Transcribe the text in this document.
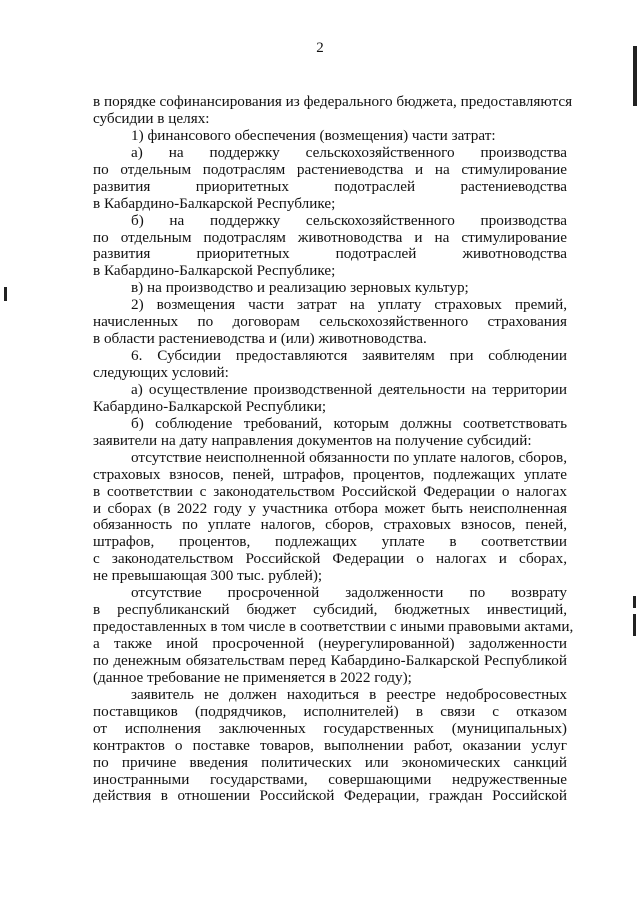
2
в порядке софинансирования из федерального бюджета, предоставляются
субсидии в целях:
1) финансового обеспечения (возмещения) части затрат:
а) на поддержку сельскохозяйственного производства
по отдельным подотраслям растениеводства и на стимулирование
развития приоритетных подотраслей растениеводства
в Кабардино-Балкарской Республике;
б) на поддержку сельскохозяйственного производства
по отдельным подотраслям животноводства и на стимулирование
развития приоритетных подотраслей животноводства
в Кабардино-Балкарской Республике;
в) на производство и реализацию зерновых культур;
2) возмещения части затрат на уплату страховых премий,
начисленных по договорам сельскохозяйственного страхования
в области растениеводства и (или) животноводства.
6. Субсидии предоставляются заявителям при соблюдении
следующих условий:
а) осуществление производственной деятельности на территории
Кабардино-Балкарской Республики;
б) соблюдение требований, которым должны соответствовать
заявители на дату направления документов на получение субсидий:
отсутствие неисполненной обязанности по уплате налогов, сборов,
страховых взносов, пеней, штрафов, процентов, подлежащих уплате
в соответствии с законодательством Российской Федерации о налогах
и сборах (в 2022 году у участника отбора может быть неисполненная
обязанность по уплате налогов, сборов, страховых взносов, пеней,
штрафов, процентов, подлежащих уплате в соответствии
с законодательством Российской Федерации о налогах и сборах,
не превышающая 300 тыс. рублей);
отсутствие просроченной задолженности по возврату
в республиканский бюджет субсидий, бюджетных инвестиций,
предоставленных в том числе в соответствии с иными правовыми актами,
а также иной просроченной (неурегулированной) задолженности
по денежным обязательствам перед Кабардино-Балкарской Республикой
(данное требование не применяется в 2022 году);
заявитель не должен находиться в реестре недобросовестных
поставщиков (подрядчиков, исполнителей) в связи с отказом
от исполнения заключенных государственных (муниципальных)
контрактов о поставке товаров, выполнении работ, оказании услуг
по причине введения политических или экономических санкций
иностранными государствами, совершающими недружественные
действия в отношении Российской Федерации, граждан Российской
